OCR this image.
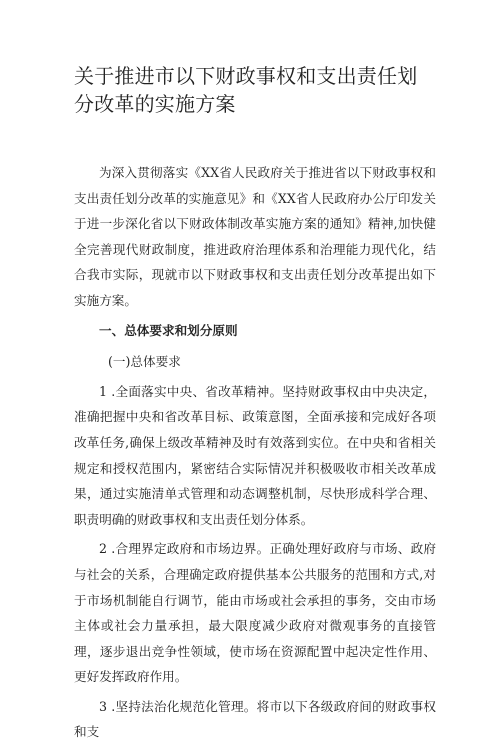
关于推进市以下财政事权和支出责任划分改革的实施方案

为深入贯彻落实《XX省人民政府关于推进省以下财政事权和支出责任划分改革的实施意见》和《XX省人民政府办公厅印发关于进一步深化省以下财政体制改革实施方案的通知》精神,加快健全完善现代财政制度，推进政府治理体系和治理能力现代化，结合我市实际，现就市以下财政事权和支出责任划分改革提出如下实施方案。

一、总体要求和划分原则

(一)总体要求

1 .全面落实中央、省改革精神。坚持财政事权由中央决定，准确把握中央和省改革目标、政策意图，全面承接和完成好各项改革任务,确保上级改革精神及时有效落到实位。在中央和省相关规定和授权范围内，紧密结合实际情况并积极吸收市相关改革成果，通过实施清单式管理和动态调整机制，尽快形成科学合理、职责明确的财政事权和支出责任划分体系。

2 .合理界定政府和市场边界。正确处理好政府与市场、政府与社会的关系，合理确定政府提供基本公共服务的范围和方式,对于市场机制能自行调节，能由市场或社会承担的事务，交由市场主体或社会力量承担，最大限度减少政府对微观事务的直接管理，逐步退出竞争性领域，使市场在资源配置中起决定性作用、更好发挥政府作用。

3 .坚持法治化规范化管理。将市以下各级政府间的财政事权和支
